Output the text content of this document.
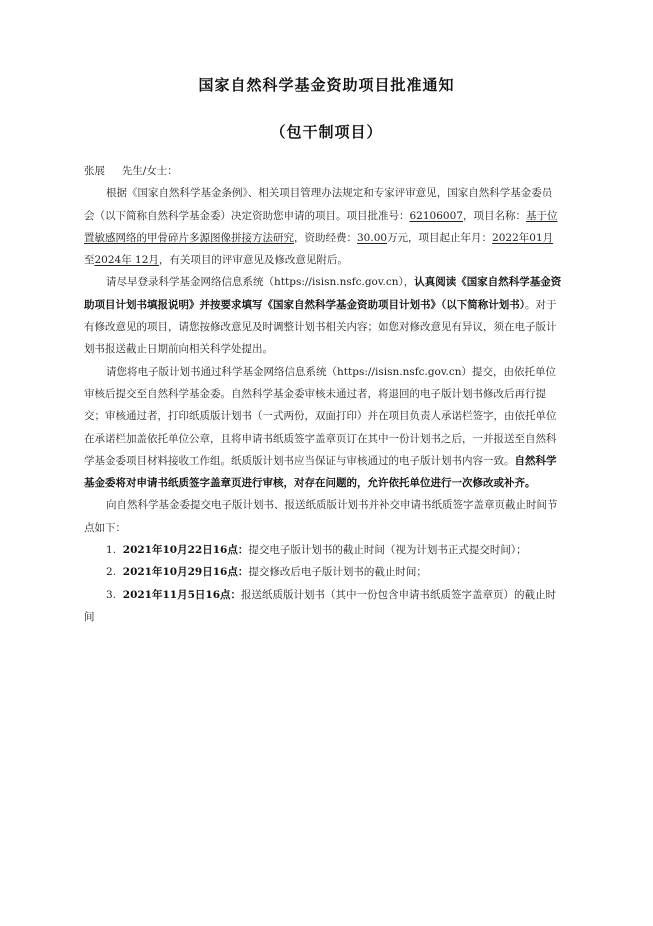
国家自然科学基金资助项目批准通知
（包干制项目）

张展 先生/女士：

根据《国家自然科学基金条例》、相关项目管理办法规定和专家评审意见，国家自然科学基金委员会（以下简称自然科学基金委）决定资助您申请的项目。项目批准号：62106007，项目名称：基于位置敏感网络的甲骨碎片多源图像拼接方法研究，资助经费：30.00万元，项目起止年月：2022年01月至2024年 12月，有关项目的评审意见及修改意见附后。

请尽早登录科学基金网络信息系统（https://isisn.nsfc.gov.cn），认真阅读《国家自然科学基金资助项目计划书填报说明》并按要求填写《国家自然科学基金资助项目计划书》（以下简称计划书）。对于有修改意见的项目，请您按修改意见及时调整计划书相关内容；如您对修改意见有异议，须在电子版计划书报送截止日期前向相关科学处提出。

请您将电子版计划书通过科学基金网络信息系统（https://isisn.nsfc.gov.cn）提交，由依托单位审核后提交至自然科学基金委。自然科学基金委审核未通过者，将退回的电子版计划书修改后再行提交；审核通过者，打印纸质版计划书（一式两份，双面打印）并在项目负责人承诺栏签字，由依托单位在承诺栏加盖依托单位公章，且将申请书纸质签字盖章页订在其中一份计划书之后，一并报送至自然科学基金委项目材料接收工作组。纸质版计划书应当保证与审核通过的电子版计划书内容一致。自然科学基金委将对申请书纸质签字盖章页进行审核，对存在问题的，允许依托单位进行一次修改或补齐。

向自然科学基金委提交电子版计划书、报送纸质版计划书并补交申请书纸质签字盖章页截止时间节点如下：

1. 2021年10月22日16点：提交电子版计划书的截止时间（视为计划书正式提交时间）；

2. 2021年10月29日16点：提交修改后电子版计划书的截止时间；

3. 2021年11月5日16点：报送纸质版计划书（其中一份包含申请书纸质签字盖章页）的截止时间
